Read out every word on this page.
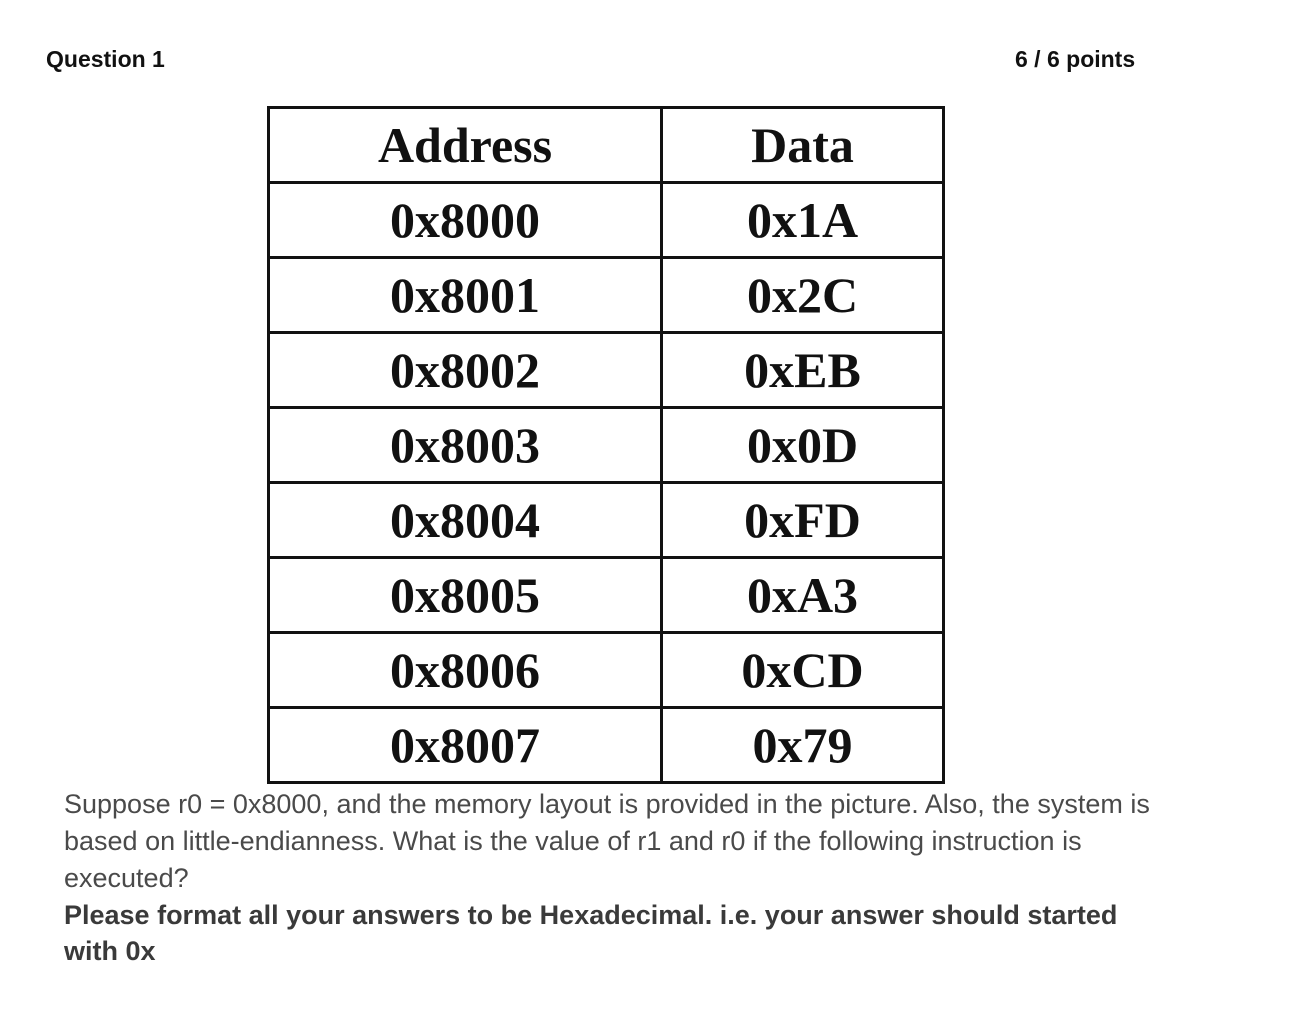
Question 1	6 / 6 points
Address	Data
0x8000	0x1A
0x8001	0x2C
0x8002	0xEB
0x8003	0x0D
0x8004	0xFD
0x8005	0xA3
0x8006	0xCD
0x8007	0x79
Suppose r0 = 0x8000, and the memory layout is provided in the picture. Also, the system is based on little-endianness. What is the value of r1 and r0 if the following instruction is executed?
Please format all your answers to be Hexadecimal. i.e. your answer should started with 0x
